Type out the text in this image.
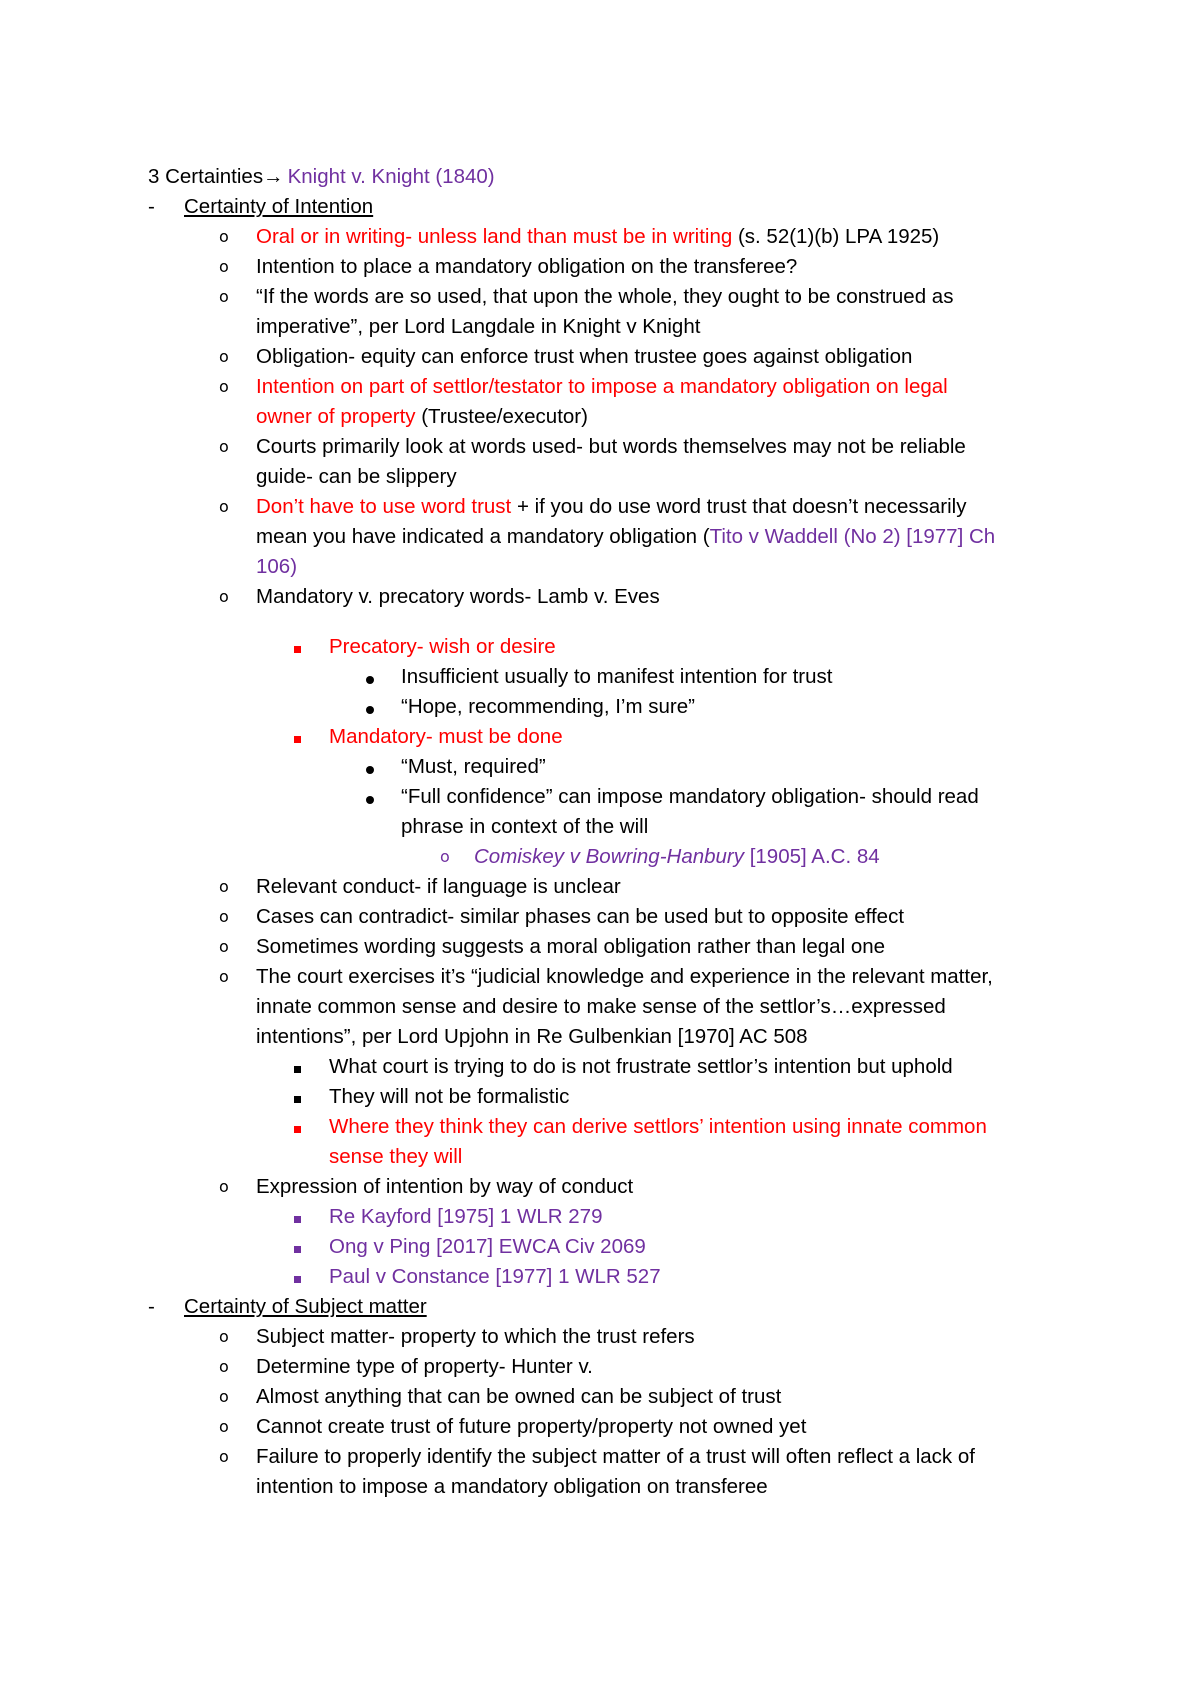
3 Certainties→ Knight v. Knight (1840)
- Certainty of Intention
o Oral or in writing- unless land than must be in writing (s. 52(1)(b) LPA 1925)
o Intention to place a mandatory obligation on the transferee?
o “If the words are so used, that upon the whole, they ought to be construed as
imperative”, per Lord Langdale in Knight v Knight
o Obligation- equity can enforce trust when trustee goes against obligation
o Intention on part of settlor/testator to impose a mandatory obligation on legal
owner of property (Trustee/executor)
o Courts primarily look at words used- but words themselves may not be reliable
guide- can be slippery
o Don’t have to use word trust + if you do use word trust that doesn’t necessarily
mean you have indicated a mandatory obligation (Tito v Waddell (No 2) [1977] Ch
106)
o Mandatory v. precatory words- Lamb v. Eves
Precatory- wish or desire
Insufficient usually to manifest intention for trust
“Hope, recommending, I’m sure”
Mandatory- must be done
“Must, required”
“Full confidence” can impose mandatory obligation- should read
phrase in context of the will
o Comiskey v Bowring-Hanbury [1905] A.C. 84
o Relevant conduct- if language is unclear
o Cases can contradict- similar phases can be used but to opposite effect
o Sometimes wording suggests a moral obligation rather than legal one
o The court exercises it’s “judicial knowledge and experience in the relevant matter,
innate common sense and desire to make sense of the settlor’s…expressed
intentions”, per Lord Upjohn in Re Gulbenkian [1970] AC 508
What court is trying to do is not frustrate settlor’s intention but uphold
They will not be formalistic
Where they think they can derive settlors’ intention using innate common
sense they will
o Expression of intention by way of conduct
Re Kayford [1975] 1 WLR 279
Ong v Ping [2017] EWCA Civ 2069
Paul v Constance [1977] 1 WLR 527
- Certainty of Subject matter
o Subject matter- property to which the trust refers
o Determine type of property- Hunter v.
o Almost anything that can be owned can be subject of trust
o Cannot create trust of future property/property not owned yet
o Failure to properly identify the subject matter of a trust will often reflect a lack of
intention to impose a mandatory obligation on transferee
